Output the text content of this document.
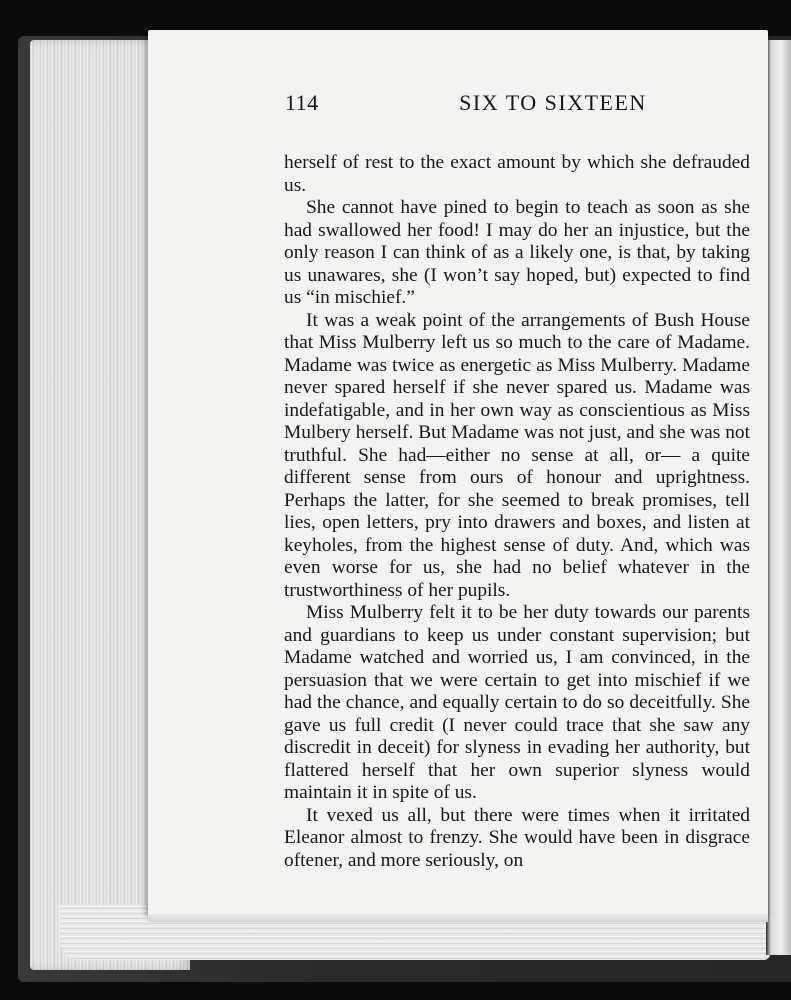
114	SIX TO SIXTEEN

herself of rest to the exact amount by which she defrauded us.

She cannot have pined to begin to teach as soon as she had swallowed her food! I may do her an injustice, but the only reason I can think of as a likely one, is that, by taking us unawares, she (I won’t say hoped, but) expected to find us “in mischief.”

It was a weak point of the arrangements of Bush House that Miss Mulberry left us so much to the care of Madame. Madame was twice as energetic as Miss Mulberry. Madame never spared herself if she never spared us. Madame was indefatigable, and in her own way as conscientious as Miss Mulbery herself. But Madame was not just, and she was not truthful. She had—either no sense at all, or— a quite different sense from ours of honour and uprightness. Perhaps the latter, for she seemed to break promises, tell lies, open letters, pry into drawers and boxes, and listen at keyholes, from the highest sense of duty. And, which was even worse for us, she had no belief whatever in the trustworthiness of her pupils.

Miss Mulberry felt it to be her duty towards our parents and guardians to keep us under constant supervision; but Madame watched and worried us, I am convinced, in the persuasion that we were certain to get into mischief if we had the chance, and equally certain to do so deceitfully. She gave us full credit (I never could trace that she saw any discredit in deceit) for slyness in evading her authority, but flattered herself that her own superior slyness would maintain it in spite of us.

It vexed us all, but there were times when it irritated Eleanor almost to frenzy. She would have been in disgrace oftener, and more seriously, on
